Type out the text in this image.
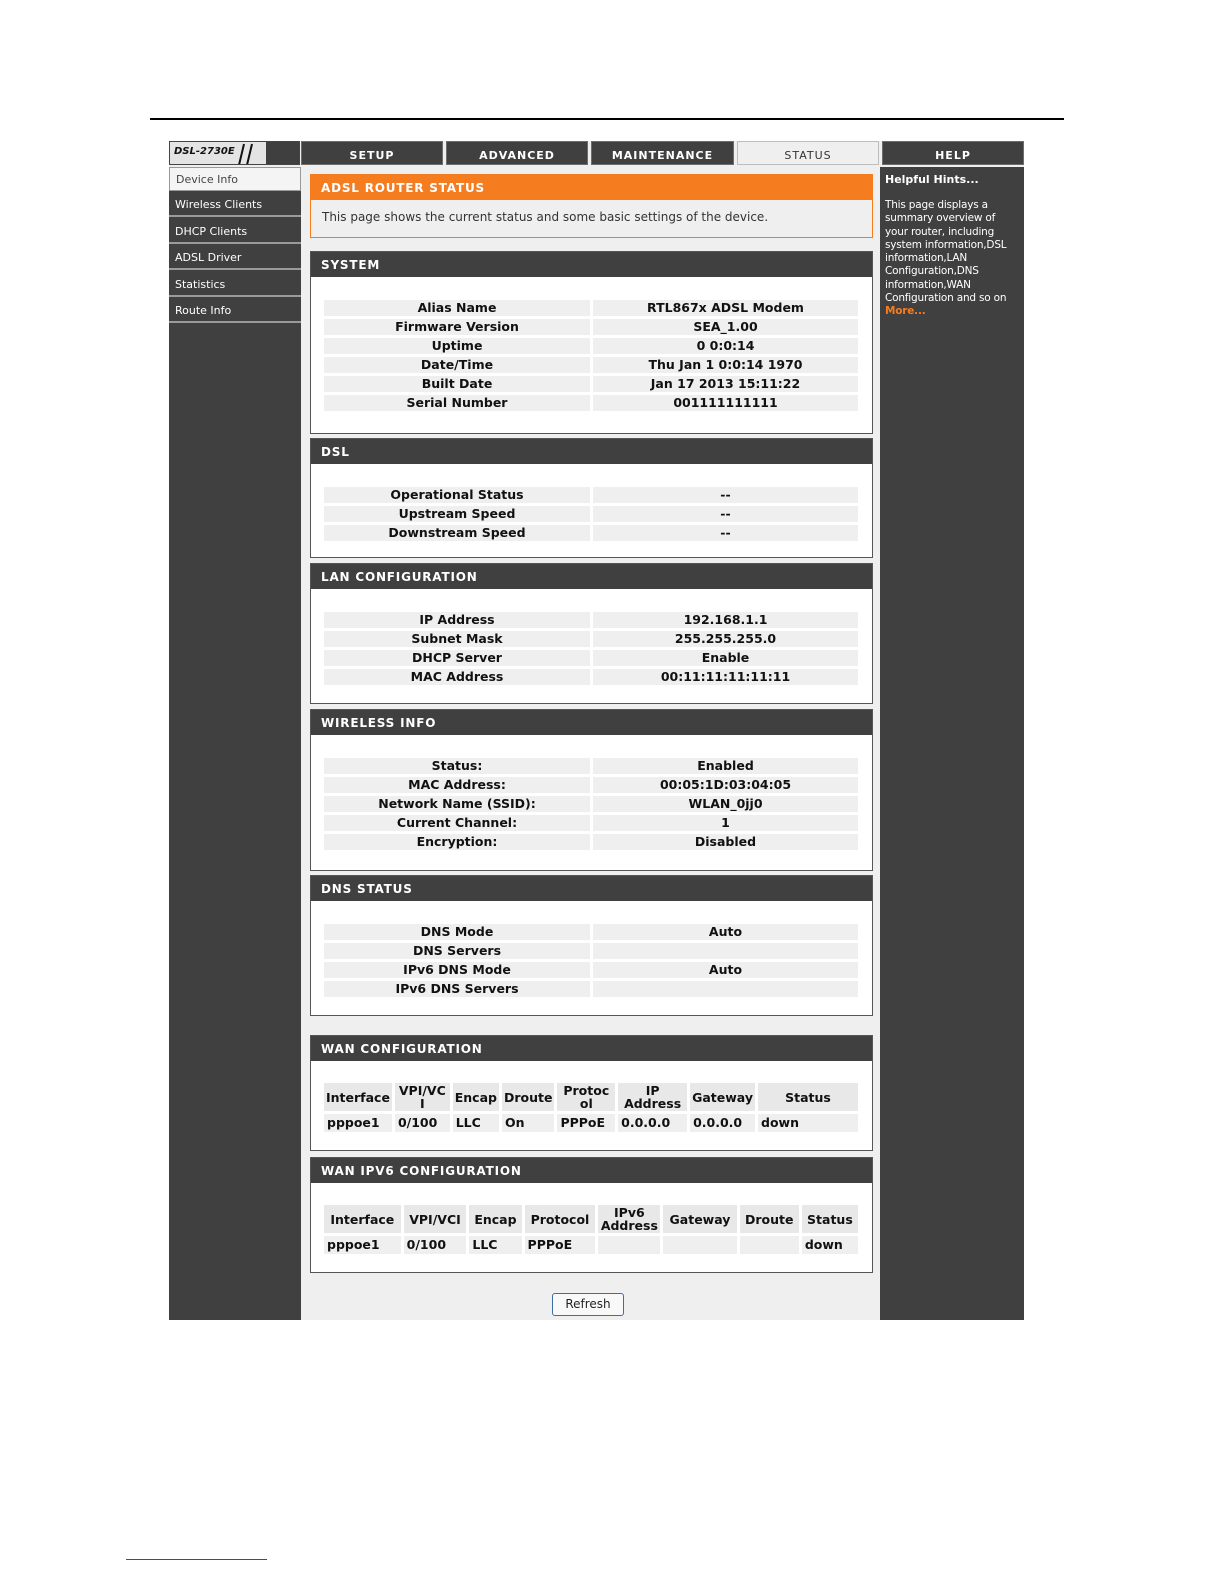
DSL-2730E	SETUP	ADVANCED	MAINTENANCE	STATUS	HELP
Device Info
Wireless Clients
DHCP Clients
ADSL Driver
Statistics
Route Info
Helpful Hints...
This page displays a summary overview of your router, including system information,DSL information,LAN Configuration,DNS information,WAN Configuration and so on
More...
ADSL ROUTER STATUS
This page shows the current status and some basic settings of the device.
SYSTEM
Alias Name	RTL867x ADSL Modem
Firmware Version	SEA_1.00
Uptime	0 0:0:14
Date/Time	Thu Jan 1 0:0:14 1970
Built Date	Jan 17 2013 15:11:22
Serial Number	001111111111
DSL
Operational Status	--
Upstream Speed	--
Downstream Speed	--
LAN CONFIGURATION
IP Address	192.168.1.1
Subnet Mask	255.255.255.0
DHCP Server	Enable
MAC Address	00:11:11:11:11:11
WIRELESS INFO
Status:	Enabled
MAC Address:	00:05:1D:03:04:05
Network Name (SSID):	WLAN_0jj0
Current Channel:	1
Encryption:	Disabled
DNS STATUS
DNS Mode	Auto
DNS Servers	
IPv6 DNS Mode	Auto
IPv6 DNS Servers	
WAN CONFIGURATION
Interface	VPI/VC I	Encap	Droute	Protoc ol	IP Address	Gateway	Status
pppoe1	0/100	LLC	On	PPPoE	0.0.0.0	0.0.0.0	down
WAN IPV6 CONFIGURATION
Interface	VPI/VCI	Encap	Protocol	IPv6 Address	Gateway	Droute	Status
pppoe1	0/100	LLC	PPPoE				down
Refresh
